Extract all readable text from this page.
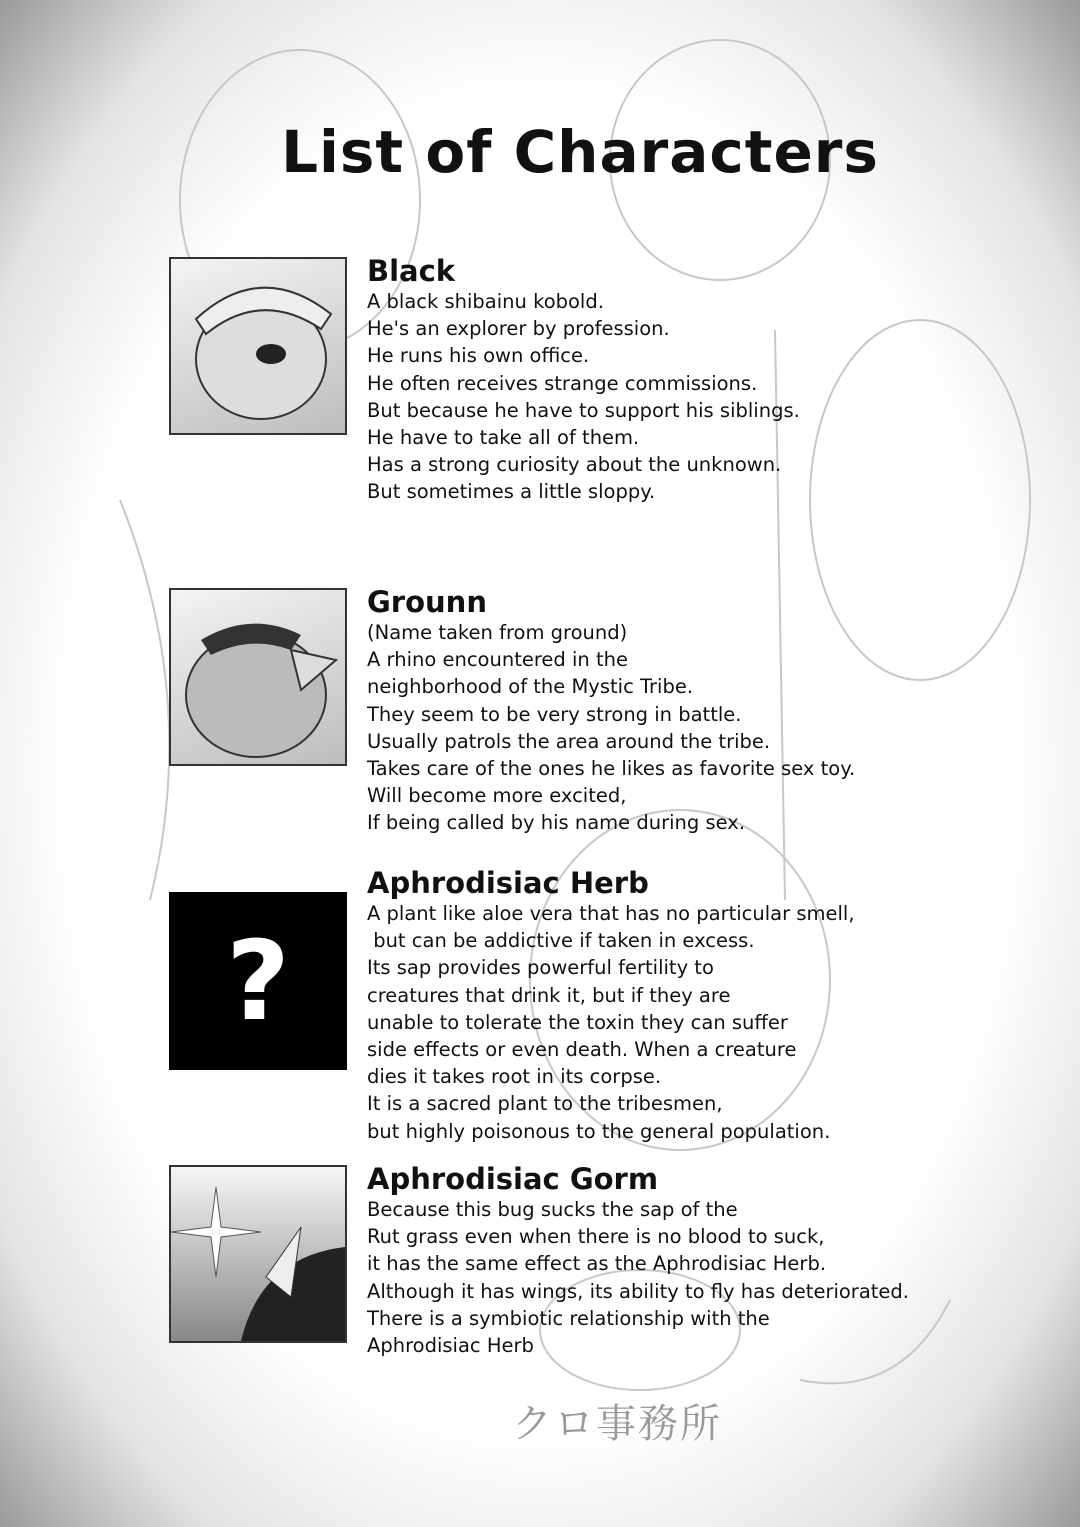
List of Characters
Black
A black shibainu kobold.
He's an explorer by profession.
He runs his own office.
He often receives strange commissions.
But because he have to support his siblings.
He have to take all of them.
Has a strong curiosity about the unknown.
But sometimes a little sloppy.
Grounn
(Name taken from ground)
A rhino encountered in the
neighborhood of the Mystic Tribe.
They seem to be very strong in battle.
Usually patrols the area around the tribe.
Takes care of the ones he likes as favorite sex toy.
Will become more excited,
If being called by his name during sex.
?
Aphrodisiac Herb
A plant like aloe vera that has no particular smell,
but can be addictive if taken in excess.
Its sap provides powerful fertility to
creatures that drink it, but if they are
unable to tolerate the toxin they can suffer
side effects or even death. When a creature
dies it takes root in its corpse.
It is a sacred plant to the tribesmen,
but highly poisonous to the general population.
Aphrodisiac Gorm
Because this bug sucks the sap of the
Rut grass even when there is no blood to suck,
it has the same effect as the Aphrodisiac Herb.
Although it has wings, its ability to fly has deteriorated.
There is a symbiotic relationship with the
Aphrodisiac Herb
クロ事務所
